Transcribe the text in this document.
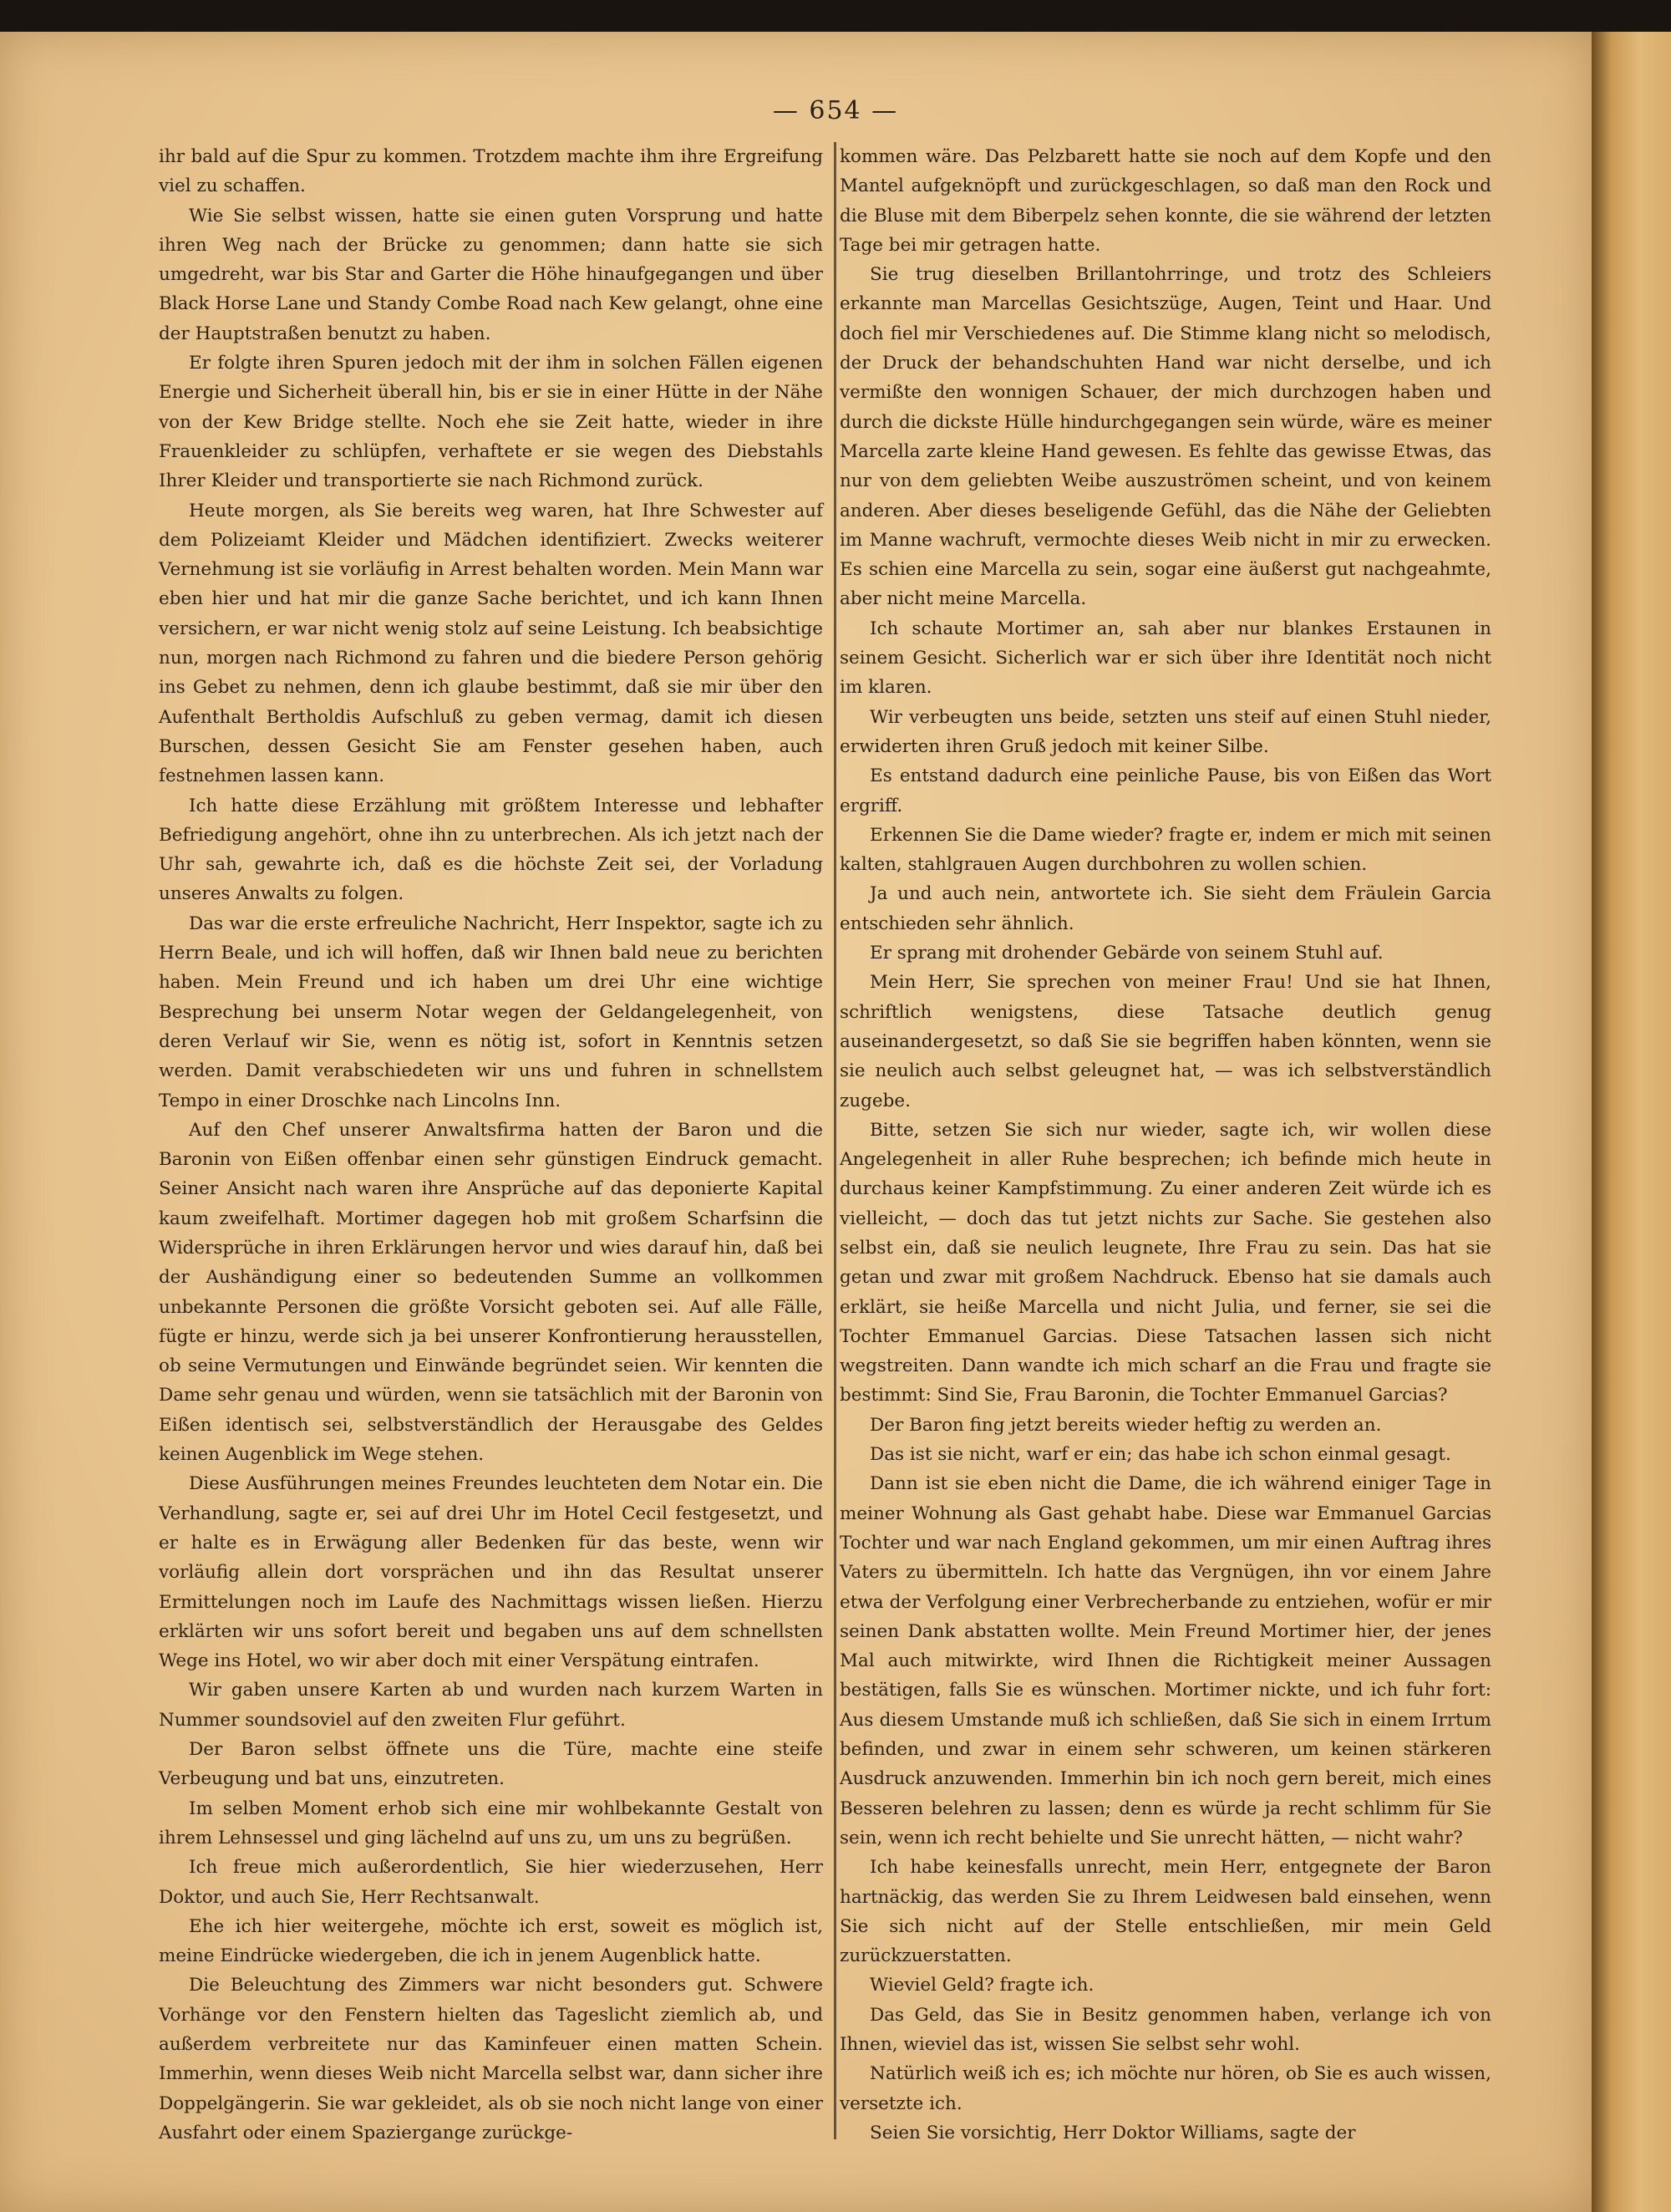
— 654 —

ihr bald auf die Spur zu kommen. Trotzdem machte ihm ihre Ergreifung viel zu schaffen.

Wie Sie selbst wissen, hatte sie einen guten Vorsprung und hatte ihren Weg nach der Brücke zu genommen; dann hatte sie sich umgedreht, war bis Star and Garter die Höhe hinaufgegangen und über Black Horse Lane und Standy Combe Road nach Kew gelangt, ohne eine der Hauptstraßen benutzt zu haben.

Er folgte ihren Spuren jedoch mit der ihm in solchen Fällen eigenen Energie und Sicherheit überall hin, bis er sie in einer Hütte in der Nähe von der Kew Bridge stellte. Noch ehe sie Zeit hatte, wieder in ihre Frauenkleider zu schlüpfen, verhaftete er sie wegen des Diebstahls Ihrer Kleider und transportierte sie nach Richmond zurück.

Heute morgen, als Sie bereits weg waren, hat Ihre Schwester auf dem Polizeiamt Kleider und Mädchen identifiziert. Zwecks weiterer Vernehmung ist sie vorläufig in Arrest behalten worden. Mein Mann war eben hier und hat mir die ganze Sache berichtet, und ich kann Ihnen versichern, er war nicht wenig stolz auf seine Leistung. Ich beabsichtige nun, morgen nach Richmond zu fahren und die biedere Person gehörig ins Gebet zu nehmen, denn ich glaube bestimmt, daß sie mir über den Aufenthalt Bertholdis Aufschluß zu geben vermag, damit ich diesen Burschen, dessen Gesicht Sie am Fenster gesehen haben, auch festnehmen lassen kann.

Ich hatte diese Erzählung mit größtem Interesse und lebhafter Befriedigung angehört, ohne ihn zu unterbrechen. Als ich jetzt nach der Uhr sah, gewahrte ich, daß es die höchste Zeit sei, der Vorladung unseres Anwalts zu folgen.

Das war die erste erfreuliche Nachricht, Herr Inspektor, sagte ich zu Herrn Beale, und ich will hoffen, daß wir Ihnen bald neue zu berichten haben. Mein Freund und ich haben um drei Uhr eine wichtige Besprechung bei unserm Notar wegen der Geldangelegenheit, von deren Verlauf wir Sie, wenn es nötig ist, sofort in Kenntnis setzen werden. Damit verabschiedeten wir uns und fuhren in schnellstem Tempo in einer Droschke nach Lincolns Inn.

Auf den Chef unserer Anwaltsfirma hatten der Baron und die Baronin von Eißen offenbar einen sehr günstigen Eindruck gemacht. Seiner Ansicht nach waren ihre Ansprüche auf das deponierte Kapital kaum zweifelhaft. Mortimer dagegen hob mit großem Scharfsinn die Widersprüche in ihren Erklärungen hervor und wies darauf hin, daß bei der Aushändigung einer so bedeutenden Summe an vollkommen unbekannte Personen die größte Vorsicht geboten sei. Auf alle Fälle, fügte er hinzu, werde sich ja bei unserer Konfrontierung herausstellen, ob seine Vermutungen und Einwände begründet seien. Wir kennten die Dame sehr genau und würden, wenn sie tatsächlich mit der Baronin von Eißen identisch sei, selbstverständlich der Herausgabe des Geldes keinen Augenblick im Wege stehen.

Diese Ausführungen meines Freundes leuchteten dem Notar ein. Die Verhandlung, sagte er, sei auf drei Uhr im Hotel Cecil festgesetzt, und er halte es in Erwägung aller Bedenken für das beste, wenn wir vorläufig allein dort vorsprächen und ihn das Resultat unserer Ermittelungen noch im Laufe des Nachmittags wissen ließen. Hierzu erklärten wir uns sofort bereit und begaben uns auf dem schnellsten Wege ins Hotel, wo wir aber doch mit einer Verspätung eintrafen.

Wir gaben unsere Karten ab und wurden nach kurzem Warten in Nummer soundsoviel auf den zweiten Flur geführt.

Der Baron selbst öffnete uns die Türe, machte eine steife Verbeugung und bat uns, einzutreten.

Im selben Moment erhob sich eine mir wohlbekannte Gestalt von ihrem Lehnsessel und ging lächelnd auf uns zu, um uns zu begrüßen.

Ich freue mich außerordentlich, Sie hier wiederzusehen, Herr Doktor, und auch Sie, Herr Rechtsanwalt.

Ehe ich hier weitergehe, möchte ich erst, soweit es möglich ist, meine Eindrücke wiedergeben, die ich in jenem Augenblick hatte.

Die Beleuchtung des Zimmers war nicht besonders gut. Schwere Vorhänge vor den Fenstern hielten das Tageslicht ziemlich ab, und außerdem verbreitete nur das Kaminfeuer einen matten Schein. Immerhin, wenn dieses Weib nicht Marcella selbst war, dann sicher ihre Doppelgängerin. Sie war gekleidet, als ob sie noch nicht lange von einer Ausfahrt oder einem Spaziergange zurückge-

kommen wäre. Das Pelzbarett hatte sie noch auf dem Kopfe und den Mantel aufgeknöpft und zurückgeschlagen, so daß man den Rock und die Bluse mit dem Biberpelz sehen konnte, die sie während der letzten Tage bei mir getragen hatte.

Sie trug dieselben Brillantohrringe, und trotz des Schleiers erkannte man Marcellas Gesichtszüge, Augen, Teint und Haar. Und doch fiel mir Verschiedenes auf. Die Stimme klang nicht so melodisch, der Druck der behandschuhten Hand war nicht derselbe, und ich vermißte den wonnigen Schauer, der mich durchzogen haben und durch die dickste Hülle hindurchgegangen sein würde, wäre es meiner Marcella zarte kleine Hand gewesen. Es fehlte das gewisse Etwas, das nur von dem geliebten Weibe auszuströmen scheint, und von keinem anderen. Aber dieses beseligende Gefühl, das die Nähe der Geliebten im Manne wachruft, vermochte dieses Weib nicht in mir zu erwecken. Es schien eine Marcella zu sein, sogar eine äußerst gut nachgeahmte, aber nicht meine Marcella.

Ich schaute Mortimer an, sah aber nur blankes Erstaunen in seinem Gesicht. Sicherlich war er sich über ihre Identität noch nicht im klaren.

Wir verbeugten uns beide, setzten uns steif auf einen Stuhl nieder, erwiderten ihren Gruß jedoch mit keiner Silbe.

Es entstand dadurch eine peinliche Pause, bis von Eißen das Wort ergriff.

Erkennen Sie die Dame wieder? fragte er, indem er mich mit seinen kalten, stahlgrauen Augen durchbohren zu wollen schien.

Ja und auch nein, antwortete ich. Sie sieht dem Fräulein Garcia entschieden sehr ähnlich.

Er sprang mit drohender Gebärde von seinem Stuhl auf.

Mein Herr, Sie sprechen von meiner Frau! Und sie hat Ihnen, schriftlich wenigstens, diese Tatsache deutlich genug auseinandergesetzt, so daß Sie sie begriffen haben könnten, wenn sie sie neulich auch selbst geleugnet hat, — was ich selbstverständlich zugebe.

Bitte, setzen Sie sich nur wieder, sagte ich, wir wollen diese Angelegenheit in aller Ruhe besprechen; ich befinde mich heute in durchaus keiner Kampfstimmung. Zu einer anderen Zeit würde ich es vielleicht, — doch das tut jetzt nichts zur Sache. Sie gestehen also selbst ein, daß sie neulich leugnete, Ihre Frau zu sein. Das hat sie getan und zwar mit großem Nachdruck. Ebenso hat sie damals auch erklärt, sie heiße Marcella und nicht Julia, und ferner, sie sei die Tochter Emmanuel Garcias. Diese Tatsachen lassen sich nicht wegstreiten. Dann wandte ich mich scharf an die Frau und fragte sie bestimmt: Sind Sie, Frau Baronin, die Tochter Emmanuel Garcias?

Der Baron fing jetzt bereits wieder heftig zu werden an.

Das ist sie nicht, warf er ein; das habe ich schon einmal gesagt.

Dann ist sie eben nicht die Dame, die ich während einiger Tage in meiner Wohnung als Gast gehabt habe. Diese war Emmanuel Garcias Tochter und war nach England gekommen, um mir einen Auftrag ihres Vaters zu übermitteln. Ich hatte das Vergnügen, ihn vor einem Jahre etwa der Verfolgung einer Verbrecherbande zu entziehen, wofür er mir seinen Dank abstatten wollte. Mein Freund Mortimer hier, der jenes Mal auch mitwirkte, wird Ihnen die Richtigkeit meiner Aussagen bestätigen, falls Sie es wünschen. Mortimer nickte, und ich fuhr fort: Aus diesem Umstande muß ich schließen, daß Sie sich in einem Irrtum befinden, und zwar in einem sehr schweren, um keinen stärkeren Ausdruck anzuwenden. Immerhin bin ich noch gern bereit, mich eines Besseren belehren zu lassen; denn es würde ja recht schlimm für Sie sein, wenn ich recht behielte und Sie unrecht hätten, — nicht wahr?

Ich habe keinesfalls unrecht, mein Herr, entgegnete der Baron hartnäckig, das werden Sie zu Ihrem Leidwesen bald einsehen, wenn Sie sich nicht auf der Stelle entschließen, mir mein Geld zurückzuerstatten.

Wieviel Geld? fragte ich.

Das Geld, das Sie in Besitz genommen haben, verlange ich von Ihnen, wieviel das ist, wissen Sie selbst sehr wohl.

Natürlich weiß ich es; ich möchte nur hören, ob Sie es auch wissen, versetzte ich.

Seien Sie vorsichtig, Herr Doktor Williams, sagte der
